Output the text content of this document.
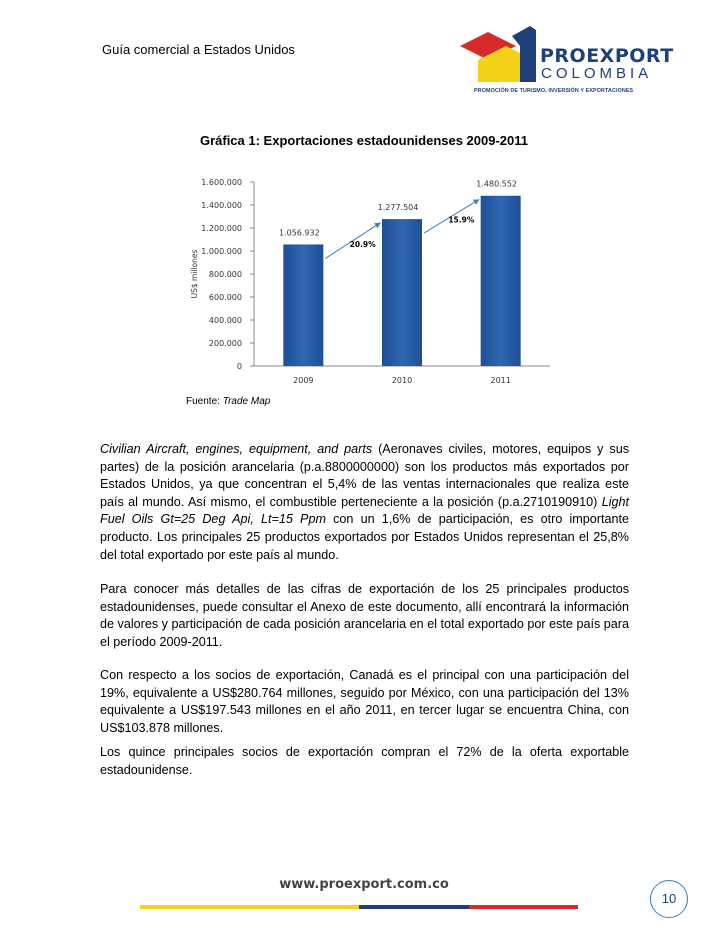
Guía comercial a Estados Unidos	PROEXPORT
COLOMBIA
PROMOCIÓN DE TURISMO, INVERSIÓN Y EXPORTACIONES
Gráfica 1: Exportaciones estadounidenses 2009-2011
0
200.000
400.000
600.000
800.000
1.000.000
1.200.000
1.400.000
1.600.000
US$ millones
1.056.932
2009
1.277.504
2010
1.480.552
2011
20.9%
15.9%
Fuente: Trade Map
Civilian Aircraft, engines, equipment, and parts (Aeronaves civiles, motores, equipos y sus partes) de la posición arancelaria (p.a.8800000000) son los productos más exportados por Estados Unidos, ya que concentran el 5,4% de las ventas internacionales que realiza este país al mundo. Así mismo, el combustible perteneciente a la posición (p.a.2710190910) Light Fuel Oils Gt=25 Deg Api, Lt=15 Ppm con un 1,6% de participación, es otro importante producto. Los principales 25 productos exportados por Estados Unidos representan el 25,8% del total exportado por este país al mundo.
Para conocer más detalles de las cifras de exportación de los 25 principales productos estadounidenses, puede consultar el Anexo de este documento, allí encontrará la información de valores y participación de cada posición arancelaria en el total exportado por este país para el período 2009-2011.
Con respecto a los socios de exportación, Canadá es el principal con una participación del 19%, equivalente a US$280.764 millones, seguido por México, con una participación del 13% equivalente a US$197.543 millones en el año 2011, en tercer lugar se encuentra China, con US$103.878 millones.
Los quince principales socios de exportación compran el 72% de la oferta exportable estadounidense.
www.proexport.com.co
10
